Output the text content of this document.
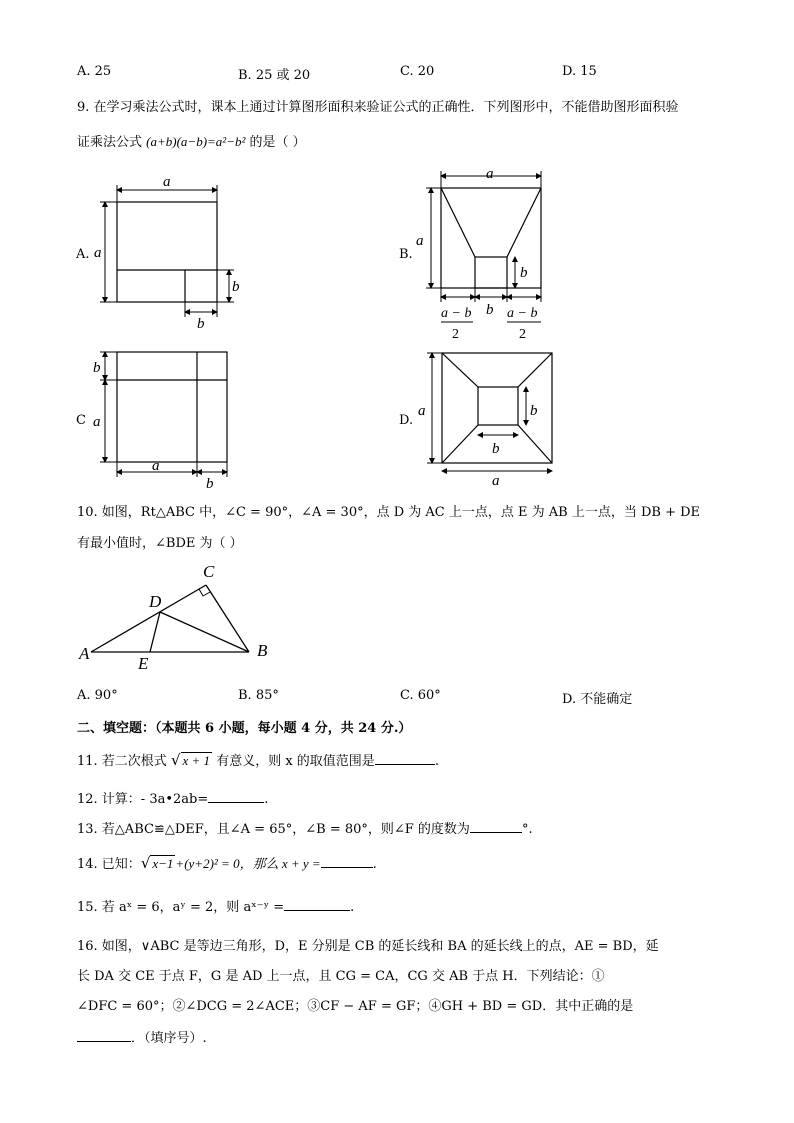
A. 25	B. 25 或 20	C. 20	D. 15
9. 在学习乘法公式时，课本上通过计算图形面积来验证公式的正确性．下列图形中，不能借助图形面积验
证乘法公式 (a+b)(a−b)=a²−b² 的是（ ）
A.	B.
C	D.
a
a
b
b
a
a
b
b
a − b
2
a − b
2
b
a
a
b
a	b
b
a
10. 如图，Rt△ABC 中，∠C = 90°，∠A = 30°，点 D 为 AC 上一点，点 E 为 AB 上一点，当 DB + DE
有最小值时，∠BDE 为（ ）
A	B
C
D
E
A. 90°	B. 85°	C. 60°	D. 不能确定
二、填空题：（本题共 6 小题，每小题 4 分，共 24 分.）
11. 若二次根式 √ x + 1 有意义，则 x 的取值范围是	.
12. 计算：- 3a•2ab=	.
13. 若△ABC≌△DEF，且∠A = 65°，∠B = 80°，则∠F 的度数为	°.
14. 已知：√ x−1 +(y+2)² = 0，那么 x + y =	.
15. 若 aˣ = 6，aʸ = 2，则 aˣ⁻ʸ =	.
16. 如图，∨ABC 是等边三角形，D，E 分别是 CB 的延长线和 BA 的延长线上的点，AE = BD，延
长 DA 交 CE 于点 F，G 是 AD 上一点，且 CG = CA，CG 交 AB 于点 H．下列结论：①
∠DFC = 60°；②∠DCG = 2∠ACE；③CF − AF = GF；④GH + BD = GD．其中正确的是
．（填序号）.
